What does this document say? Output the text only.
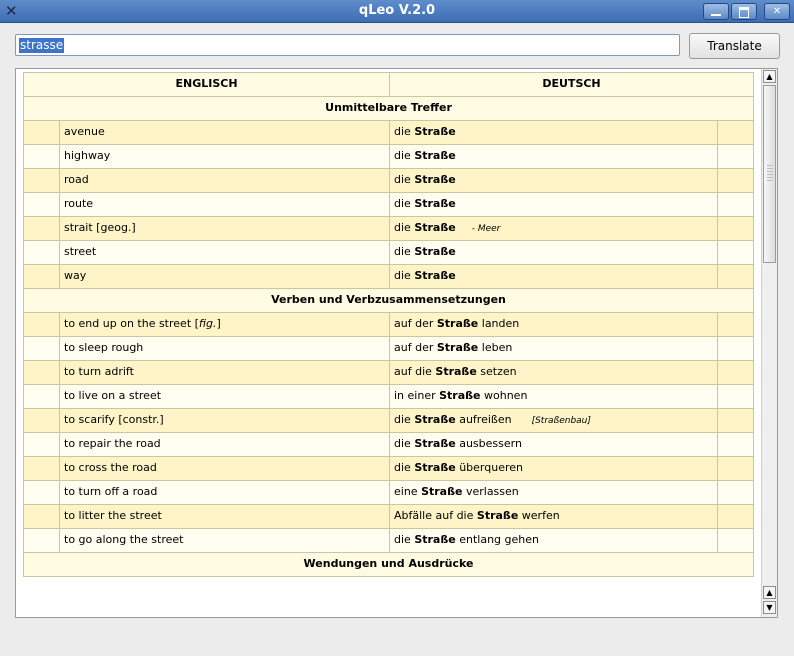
✕	qLeo V.2.0	✕
strasse	Translate
ENGLISCH		DEUTSCH	
Unmittelbare Treffer			
	avenue	die Straße	
	highway	die Straße	
	road	die Straße	
	route	die Straße	
	strait [geog.]	die Straße - Meer	
	street	die Straße	
	way	die Straße	
Verben und Verbzusammensetzungen			
	to end up on the street [fig.]	auf der Straße landen	
	to sleep rough	auf der Straße leben	
	to turn adrift	auf die Straße setzen	
	to live on a street	in einer Straße wohnen	
	to scarify [constr.]	die Straße aufreißen [Straßenbau]	
	to repair the road	die Straße ausbessern	
	to cross the road	die Straße überqueren	
	to turn off a road	eine Straße verlassen	
	to litter the street	Abfälle auf die Straße werfen	
	to go along the street	die Straße entlang gehen	
Wendungen und Ausdrücke			
▲
▲
▼
